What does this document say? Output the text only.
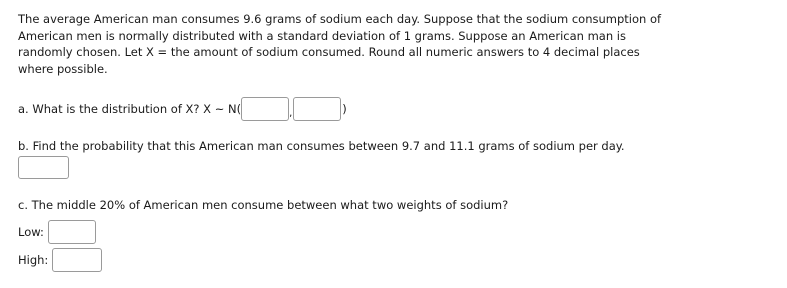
The average American man consumes 9.6 grams of sodium each day. Suppose that the sodium consumption of
American men is normally distributed with a standard deviation of 1 grams. Suppose an American man is
randomly chosen. Let X = the amount of sodium consumed. Round all numeric answers to 4 decimal places
where possible.
a. What is the distribution of X? X ~ N(	,	)
b. Find the probability that this American man consumes between 9.7 and 11.1 grams of sodium per day.
c. The middle 20% of American men consume between what two weights of sodium?
Low:
High:
